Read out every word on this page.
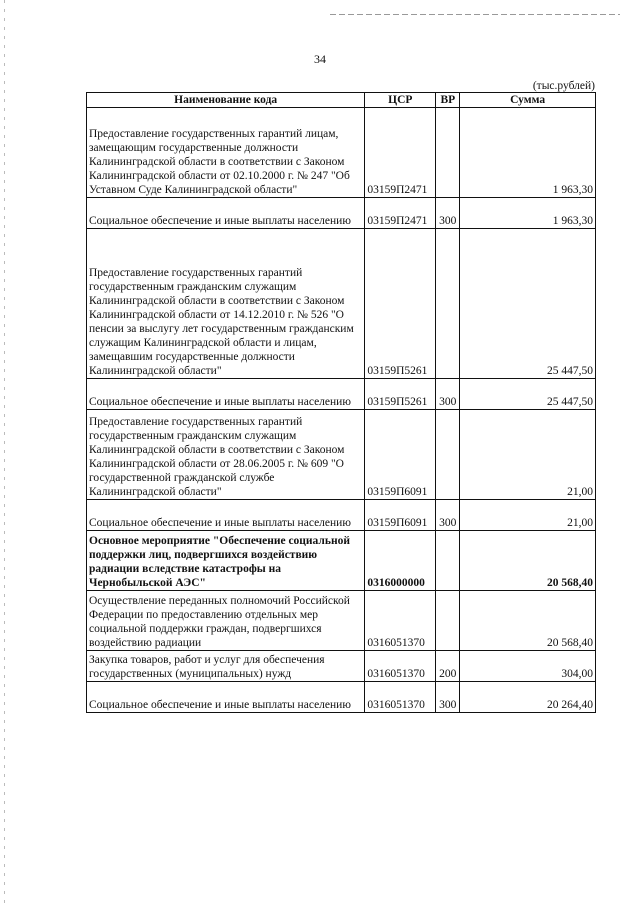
34
(тыс.рублей)
Наименование кода	ЦСР	ВР	Сумма
Предоставление государственных гарантий лицам, замещающим государственные должности Калининградской области в соответствии с Законом Калининградской области от 02.10.2000 г. № 247 "Об Уставном Суде Калининградской области"	03159П2471		1 963,30
Социальное обеспечение и иные выплаты населению	03159П2471	300	1 963,30
Предоставление государственных гарантий государственным гражданским служащим Калининградской области в соответствии с Законом Калининградской области от 14.12.2010 г. № 526 "О пенсии за выслугу лет государственным гражданским служащим Калининградской области и лицам, замещавшим государственные должности Калининградской области"	03159П5261		25 447,50
Социальное обеспечение и иные выплаты населению	03159П5261	300	25 447,50
Предоставление государственных гарантий государственным гражданским служащим Калининградской области в соответствии с Законом Калининградской области от 28.06.2005 г. № 609 "О государственной гражданской службе Калининградской области"	03159П6091		21,00
Социальное обеспечение и иные выплаты населению	03159П6091	300	21,00
Основное мероприятие "Обеспечение социальной поддержки лиц, подвергшихся воздействию радиации вследствие катастрофы на Чернобыльской АЭС"	0316000000		20 568,40
Осуществление переданных полномочий Российской Федерации по предоставлению отдельных мер социальной поддержки граждан, подвергшихся воздействию радиации	0316051370		20 568,40
Закупка товаров, работ и услуг для обеспечения государственных (муниципальных) нужд	0316051370	200	304,00
Социальное обеспечение и иные выплаты населению	0316051370	300	20 264,40
